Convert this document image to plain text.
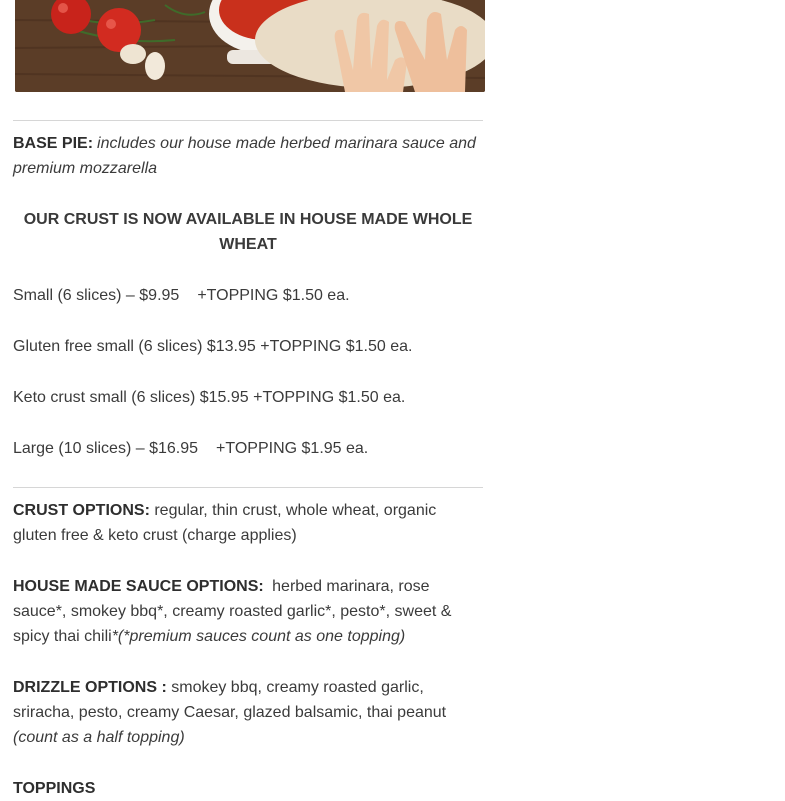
BASE PIE: includes our house made herbed marinara sauce and premium mozzarella

OUR CRUST IS NOW AVAILABLE IN HOUSE MADE WHOLE WHEAT

Small (6 slices) – $9.95 +TOPPING $1.50 ea.

Gluten free small (6 slices) $13.95 +TOPPING $1.50 ea.

Keto crust small (6 slices) $15.95 +TOPPING $1.50 ea.

Large (10 slices) – $16.95 +TOPPING $1.95 ea.

CRUST OPTIONS: regular, thin crust, whole wheat, organic gluten free & keto crust (charge applies)

HOUSE MADE SAUCE OPTIONS: herbed marinara, rose sauce*, smokey bbq*, creamy roasted garlic*, pesto*, sweet & spicy thai chili*(*premium sauces count as one topping)

DRIZZLE OPTIONS : smokey bbq, creamy roasted garlic, sriracha, pesto, creamy Caesar, glazed balsamic, thai peanut (count as a half topping)

TOPPINGS
